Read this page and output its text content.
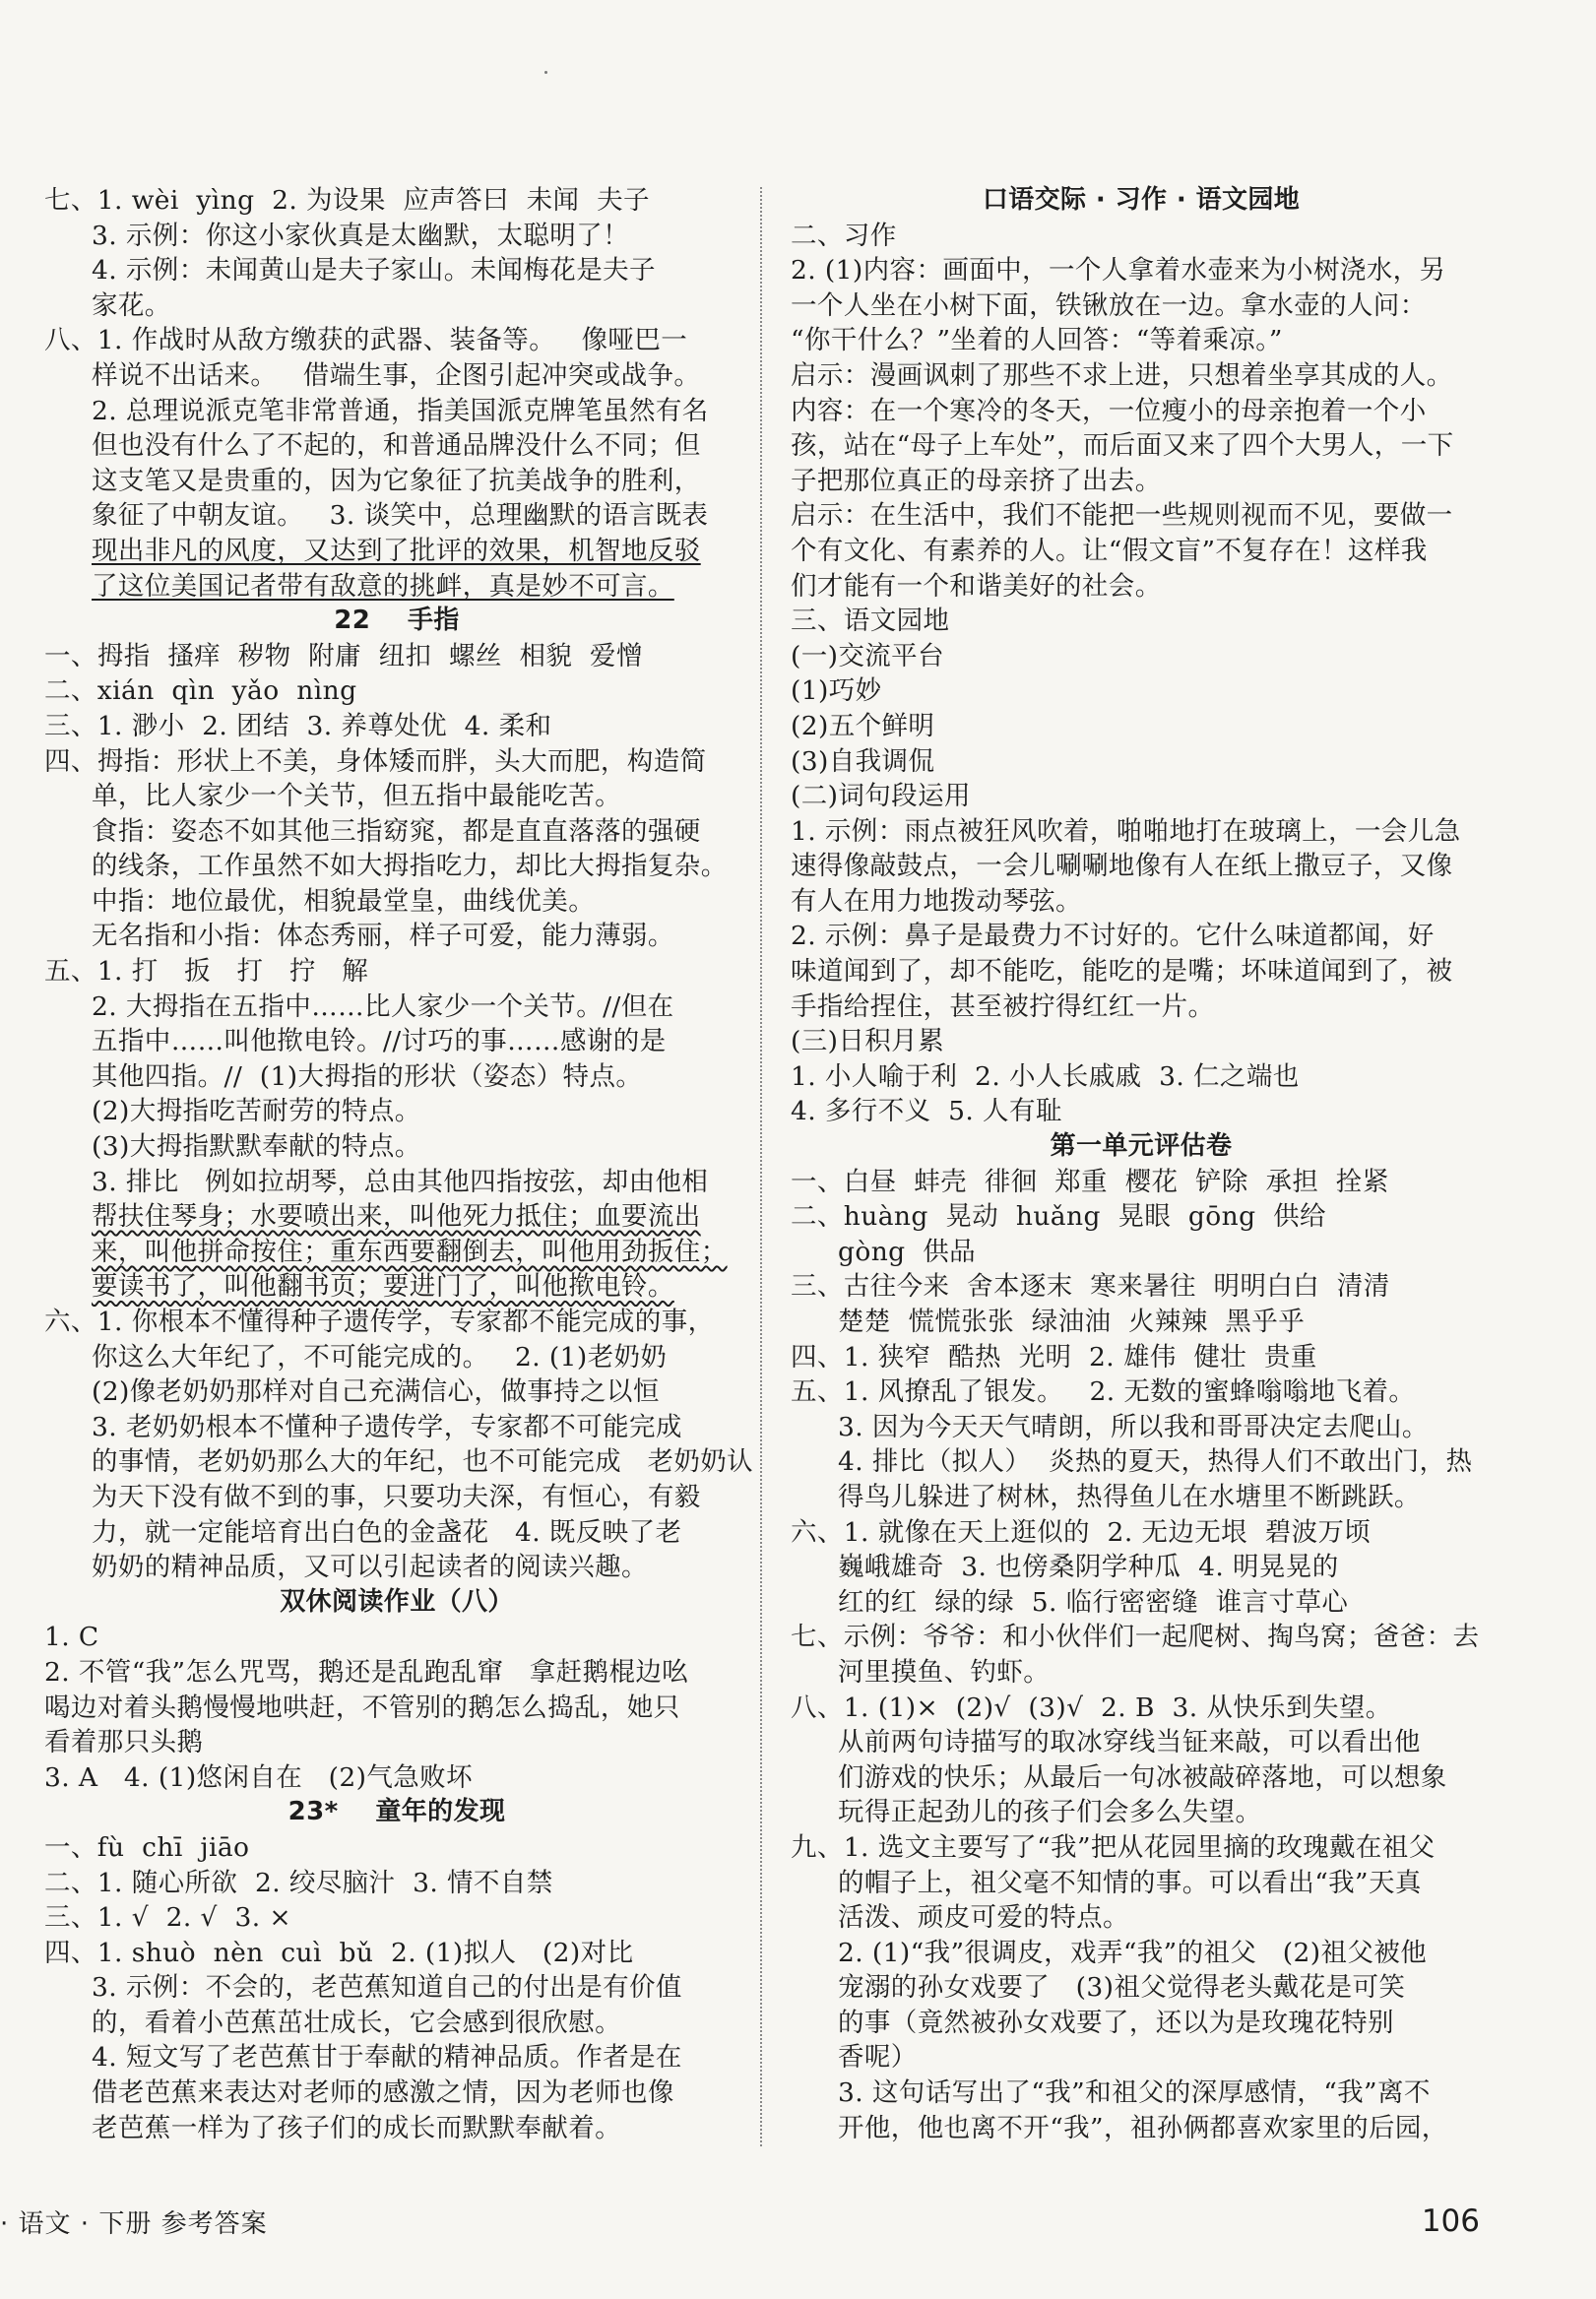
七、1. wèi  yìng  2. 为设果  应声答曰  未闻  夫子
3. 示例：你这小家伙真是太幽默，太聪明了！
4. 示例：未闻黄山是夫子家山。未闻梅花是夫子
家花。
八、1. 作战时从敌方缴获的武器、装备等。   像哑巴一
样说不出话来。   借端生事，企图引起冲突或战争。
2. 总理说派克笔非常普通，指美国派克牌笔虽然有名
但也没有什么了不起的，和普通品牌没什么不同；但
这支笔又是贵重的，因为它象征了抗美战争的胜利，
象征了中朝友谊。   3. 谈笑中，总理幽默的语言既表
现出非凡的风度，又达到了批评的效果，机智地反驳
了这位美国记者带有敌意的挑衅，真是妙不可言。
22    手指
一、拇指  搔痒  秽物  附庸  纽扣  螺丝  相貌  爱憎
二、xián  qìn  yǎo  nìng
三、1. 渺小  2. 团结  3. 养尊处优  4. 柔和
四、拇指：形状上不美，身体矮而胖，头大而肥，构造简
单，比人家少一个关节，但五指中最能吃苦。
食指：姿态不如其他三指窈窕，都是直直落落的强硬
的线条，工作虽然不如大拇指吃力，却比大拇指复杂。
中指：地位最优，相貌最堂皇，曲线优美。
无名指和小指：体态秀丽，样子可爱，能力薄弱。
五、1. 打   扳   打   拧   解
2. 大拇指在五指中……比人家少一个关节。//但在
五指中……叫他揿电铃。//讨巧的事……感谢的是
其他四指。//  (1)大拇指的形状（姿态）特点。
(2)大拇指吃苦耐劳的特点。
(3)大拇指默默奉献的特点。
3. 排比   例如拉胡琴，总由其他四指按弦，却由他相
帮扶住琴身；水要喷出来，叫他死力抵住；血要流出
来，叫他拼命按住；重东西要翻倒去，叫他用劲扳住；
要读书了，叫他翻书页；要进门了，叫他揿电铃。
六、1. 你根本不懂得种子遗传学，专家都不能完成的事，
你这么大年纪了，不可能完成的。   2. (1)老奶奶
(2)像老奶奶那样对自己充满信心，做事持之以恒
3. 老奶奶根本不懂种子遗传学，专家都不可能完成
的事情，老奶奶那么大的年纪，也不可能完成   老奶奶认
为天下没有做不到的事，只要功夫深，有恒心，有毅
力，就一定能培育出白色的金盏花   4. 既反映了老
奶奶的精神品质，又可以引起读者的阅读兴趣。
双休阅读作业（八）
1. C
2. 不管“我”怎么咒骂，鹅还是乱跑乱窜   拿赶鹅棍边吆
喝边对着头鹅慢慢地哄赶，不管别的鹅怎么捣乱，她只
看着那只头鹅
3. A   4. (1)悠闲自在   (2)气急败坏
23*    童年的发现
一、fù  chī  jiāo
二、1. 随心所欲  2. 绞尽脑汁  3. 情不自禁
三、1. √  2. √  3. ×
四、1. shuò  nèn  cuì  bǔ  2. (1)拟人   (2)对比
3. 示例：不会的，老芭蕉知道自己的付出是有价值
的，看着小芭蕉茁壮成长，它会感到很欣慰。
4. 短文写了老芭蕉甘于奉献的精神品质。作者是在
借老芭蕉来表达对老师的感激之情，因为老师也像
老芭蕉一样为了孩子们的成长而默默奉献着。
口语交际 · 习作 · 语文园地
二、习作
2. (1)内容：画面中，一个人拿着水壶来为小树浇水，另
一个人坐在小树下面，铁锹放在一边。拿水壶的人问：
“你干什么？”坐着的人回答：“等着乘凉。”
启示：漫画讽刺了那些不求上进，只想着坐享其成的人。
内容：在一个寒冷的冬天，一位瘦小的母亲抱着一个小
孩，站在“母子上车处”，而后面又来了四个大男人，一下
子把那位真正的母亲挤了出去。
启示：在生活中，我们不能把一些规则视而不见，要做一
个有文化、有素养的人。让“假文盲”不复存在！这样我
们才能有一个和谐美好的社会。
三、语文园地
(一)交流平台
(1)巧妙
(2)五个鲜明
(3)自我调侃
(二)词句段运用
1. 示例：雨点被狂风吹着，啪啪地打在玻璃上，一会儿急
速得像敲鼓点，一会儿唰唰地像有人在纸上撒豆子，又像
有人在用力地拨动琴弦。
2. 示例：鼻子是最费力不讨好的。它什么味道都闻，好
味道闻到了，却不能吃，能吃的是嘴；坏味道闻到了，被
手指给捏住，甚至被拧得红红一片。
(三)日积月累
1. 小人喻于利  2. 小人长戚戚  3. 仁之端也
4. 多行不义  5. 人有耻
第一单元评估卷
一、白昼  蚌壳  徘徊  郑重  樱花  铲除  承担  拴紧
二、huàng  晃动  huǎng  晃眼  gōng  供给
gòng  供品
三、古往今来  舍本逐末  寒来暑往  明明白白  清清
楚楚  慌慌张张  绿油油  火辣辣  黑乎乎
四、1. 狭窄  酷热  光明  2. 雄伟  健壮  贵重
五、1. 风撩乱了银发。   2. 无数的蜜蜂嗡嗡地飞着。
3. 因为今天天气晴朗，所以我和哥哥决定去爬山。
4. 排比（拟人）  炎热的夏天，热得人们不敢出门，热
得鸟儿躲进了树林，热得鱼儿在水塘里不断跳跃。
六、1. 就像在天上逛似的  2. 无边无垠  碧波万顷
巍峨雄奇  3. 也傍桑阴学种瓜  4. 明晃晃的
红的红  绿的绿  5. 临行密密缝  谁言寸草心
七、示例：爷爷：和小伙伴们一起爬树、掏鸟窝；爸爸：去
河里摸鱼、钓虾。
八、1. (1)×  (2)√  (3)√  2. B  3. 从快乐到失望。
从前两句诗描写的取冰穿线当钲来敲，可以看出他
们游戏的快乐；从最后一句冰被敲碎落地，可以想象
玩得正起劲儿的孩子们会多么失望。
九、1. 选文主要写了“我”把从花园里摘的玫瑰戴在祖父
的帽子上，祖父毫不知情的事。可以看出“我”天真
活泼、顽皮可爱的特点。
2. (1)“我”很调皮，戏弄“我”的祖父   (2)祖父被他
宠溺的孙女戏要了   (3)祖父觉得老头戴花是可笑
的事（竟然被孙女戏要了，还以为是玫瑰花特别
香呢）
3. 这句话写出了“我”和祖父的深厚感情，“我”离不
开他，他也离不开“我”，祖孙俩都喜欢家里的后园，
· 语文 · 下册 参考答案	106
